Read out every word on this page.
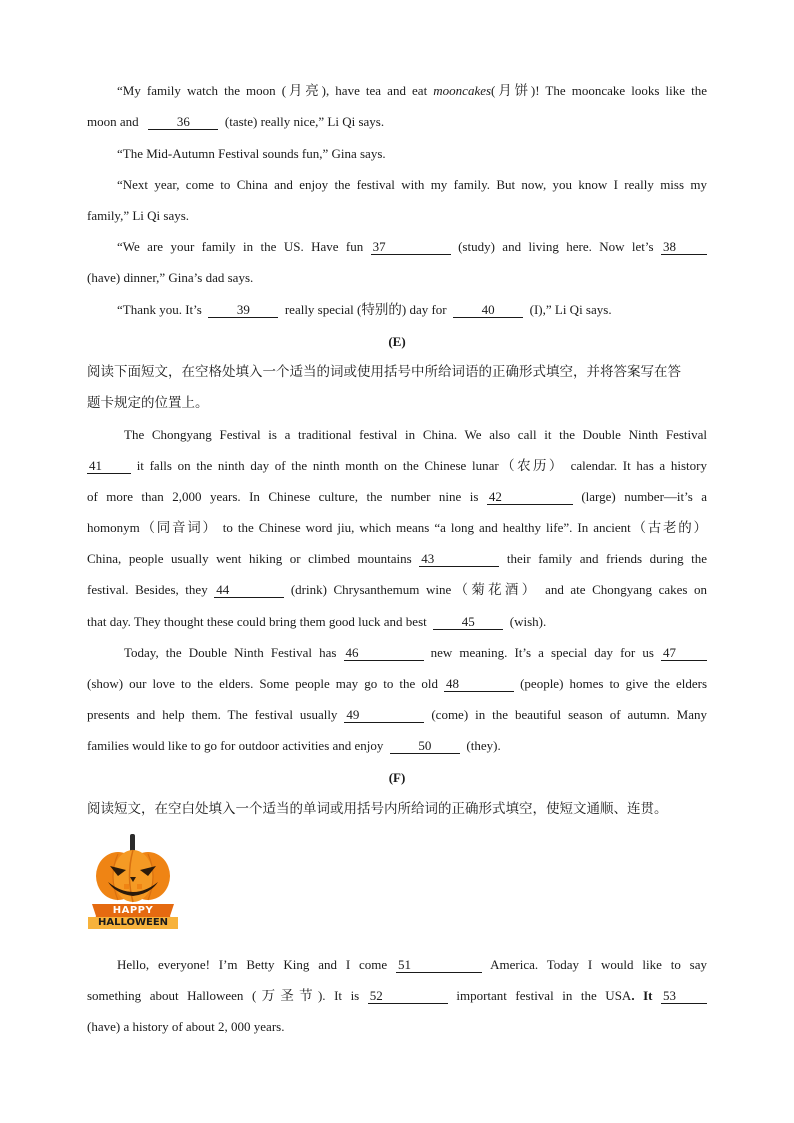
“My family watch the moon (月亮), have tea and eat mooncakes(月饼)! The mooncake looks like the
moon and	36	(taste) really nice,” Li Qi says.
“The Mid-Autumn Festival sounds fun,” Gina says.
“Next year, come to China and enjoy the festival with my family. But now, you know I really miss my
family,” Li Qi says.
“We are your family in the US. Have fun 37	(study) and living here. Now let’s 38
(have) dinner,” Gina’s dad says.
“Thank you. It’s	39	really special (特别的) day for	40	(I),” Li Qi says.
(E)
阅读下面短文，在空格处填入一个适当的词或使用括号中所给词语的正确形式填空，并将答案写在答
题卡规定的位置上。
The Chongyang Festival is a traditional festival in China. We also call it the Double Ninth Festival
41	it falls on the ninth day of the ninth month on the Chinese lunar（农历） calendar. It has a history
of more than 2,000 years. In Chinese culture, the number nine is 42	(large) number—it’s a
homonym（同音词） to the Chinese word jiu, which means “a long and healthy life”. In ancient（古老的）
China, people usually went hiking or climbed mountains 43	their family and friends during the
festival. Besides, they 44	(drink) Chrysanthemum wine（菊花酒） and ate Chongyang cakes on
that day. They thought these could bring them good luck and best	45	(wish).
Today, the Double Ninth Festival has 46	new meaning. It’s a special day for us 47
(show) our love to the elders. Some people may go to the old 48	(people) homes to give the elders
presents and help them. The festival usually 49	(come) in the beautiful season of autumn. Many
families would like to go for outdoor activities and enjoy	50	(they).
(F)
阅读短文，在空白处填入一个适当的单词或用括号内所给词的正确形式填空，使短文通顺、连贯。
HAPPY
HALLOWEEN
Hello, everyone! I’m Betty King and I come 51	America. Today I would like to say
something about Halloween (万圣节). It is 52	important festival in the USA. It 53
(have) a history of about 2, 000 years.
